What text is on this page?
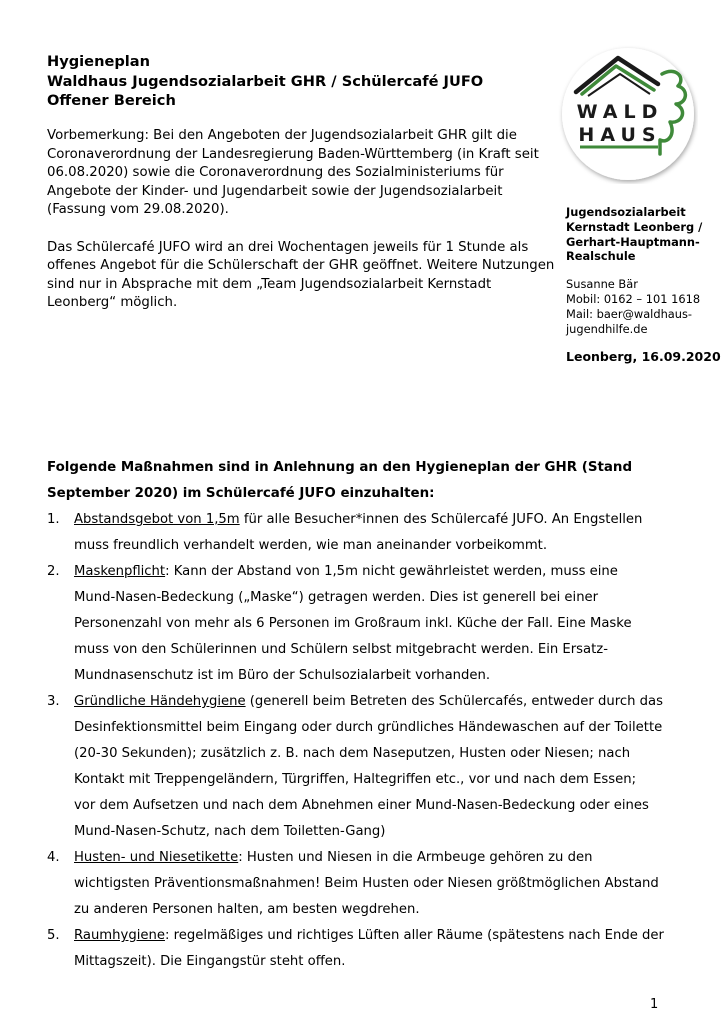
Hygieneplan
Waldhaus Jugendsozialarbeit GHR / Schülercafé JUFO
Offener Bereich

Vorbemerkung: Bei den Angeboten der Jugendsozialarbeit GHR gilt die
Coronaverordnung der Landesregierung Baden-Württemberg (in Kraft seit
06.08.2020) sowie die Coronaverordnung des Sozialministeriums für
Angebote der Kinder- und Jugendarbeit sowie der Jugendsozialarbeit
(Fassung vom 29.08.2020).

Das Schülercafé JUFO wird an drei Wochentagen jeweils für 1 Stunde als
offenes Angebot für die Schülerschaft der GHR geöffnet. Weitere Nutzungen
sind nur in Absprache mit dem „Team Jugendsozialarbeit Kernstadt
Leonberg“ möglich.

WALD
HAUS
Jugendsozialarbeit
Kernstadt Leonberg /
Gerhart-Hauptmann-
Realschule
Susanne Bär
Mobil: 0162 – 101 1618
Mail: baer@waldhaus-
jugendhilfe.de
Leonberg, 16.09.2020
Folgende Maßnahmen sind in Anlehnung an den Hygieneplan der GHR (Stand
September 2020) im Schülercafé JUFO einzuhalten:
1. Abstandsgebot von 1,5m für alle Besucher*innen des Schülercafé JUFO. An Engstellen
muss freundlich verhandelt werden, wie man aneinander vorbeikommt.
2. Maskenpflicht: Kann der Abstand von 1,5m nicht gewährleistet werden, muss eine
Mund-Nasen-Bedeckung („Maske“) getragen werden. Dies ist generell bei einer
Personenzahl von mehr als 6 Personen im Großraum inkl. Küche der Fall. Eine Maske
muss von den Schülerinnen und Schülern selbst mitgebracht werden. Ein Ersatz-
Mundnasenschutz ist im Büro der Schulsozialarbeit vorhanden.
3. Gründliche Händehygiene (generell beim Betreten des Schülercafés, entweder durch das
Desinfektionsmittel beim Eingang oder durch gründliches Händewaschen auf der Toilette
(20-30 Sekunden); zusätzlich z. B. nach dem Naseputzen, Husten oder Niesen; nach
Kontakt mit Treppengeländern, Türgriffen, Haltegriffen etc., vor und nach dem Essen;
vor dem Aufsetzen und nach dem Abnehmen einer Mund-Nasen-Bedeckung oder eines
Mund-Nasen-Schutz, nach dem Toiletten-Gang)
4. Husten- und Niesetikette: Husten und Niesen in die Armbeuge gehören zu den
wichtigsten Präventionsmaßnahmen! Beim Husten oder Niesen größtmöglichen Abstand
zu anderen Personen halten, am besten wegdrehen.
5. Raumhygiene: regelmäßiges und richtiges Lüften aller Räume (spätestens nach Ende der
Mittagszeit). Die Eingangstür steht offen.
1
